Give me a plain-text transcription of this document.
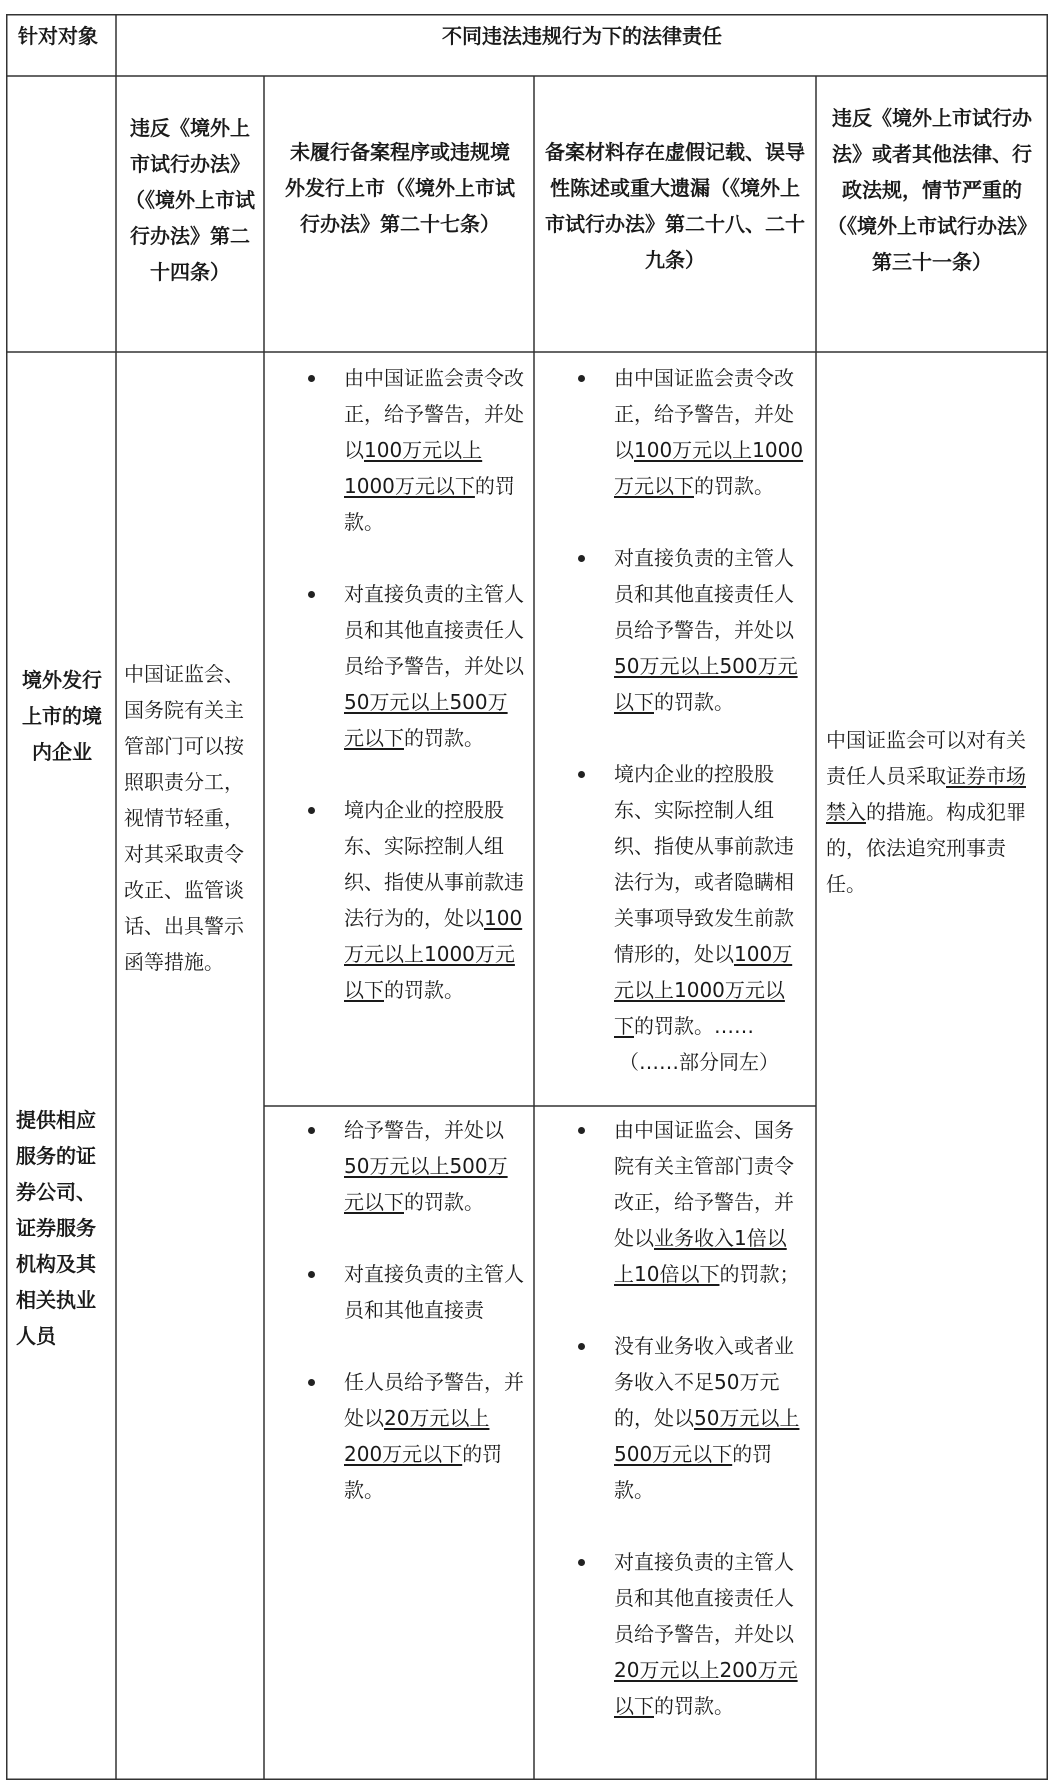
针对对象	不同违法违规行为下的法律责任
违反《境外上市试行办法》（《境外上市试行办法》第二十四条）
未履行备案程序或违规境外发行上市（《境外上市试行办法》第二十七条）
备案材料存在虚假记载、误导性陈述或重大遗漏（《境外上市试行办法》第二十八、二十九条）
违反《境外上市试行办法》或者其他法律、行政法规，情节严重的（《境外上市试行办法》第三十一条）
境外发行上市的境内企业
提供相应服务的证券公司、证券服务机构及其相关执业人员
中国证监会、国务院有关主管部门可以按照职责分工，视情节轻重，对其采取责令改正、监管谈话、出具警示函等措施。
由中国证监会责令改正，给予警告，并处以100万元以上1000万元以下的罚款。
对直接负责的主管人员和其他直接责任人员给予警告，并处以50万元以上500万元以下的罚款。
境内企业的控股股东、实际控制人组织、指使从事前款违法行为的，处以100万元以上1000万元以下的罚款。
由中国证监会责令改正，给予警告，并处以100万元以上1000万元以下的罚款。
对直接负责的主管人员和其他直接责任人员给予警告，并处以50万元以上500万元以下的罚款。
境内企业的控股股东、实际控制人组织、指使从事前款违法行为，或者隐瞒相关事项导致发生前款情形的，处以100万元以上1000万元以下的罚款。……
（……部分同左）
中国证监会可以对有关责任人员采取证券市场禁入的措施。构成犯罪的，依法追究刑事责任。
给予警告，并处以50万元以上500万元以下的罚款。
对直接负责的主管人员和其他直接责
任人员给予警告，并处以20万元以上200万元以下的罚款。
由中国证监会、国务院有关主管部门责令改正，给予警告，并处以业务收入1倍以上10倍以下的罚款；
没有业务收入或者业务收入不足50万元的，处以50万元以上500万元以下的罚款。
对直接负责的主管人员和其他直接责任人员给予警告，并处以20万元以上200万元以下的罚款。
